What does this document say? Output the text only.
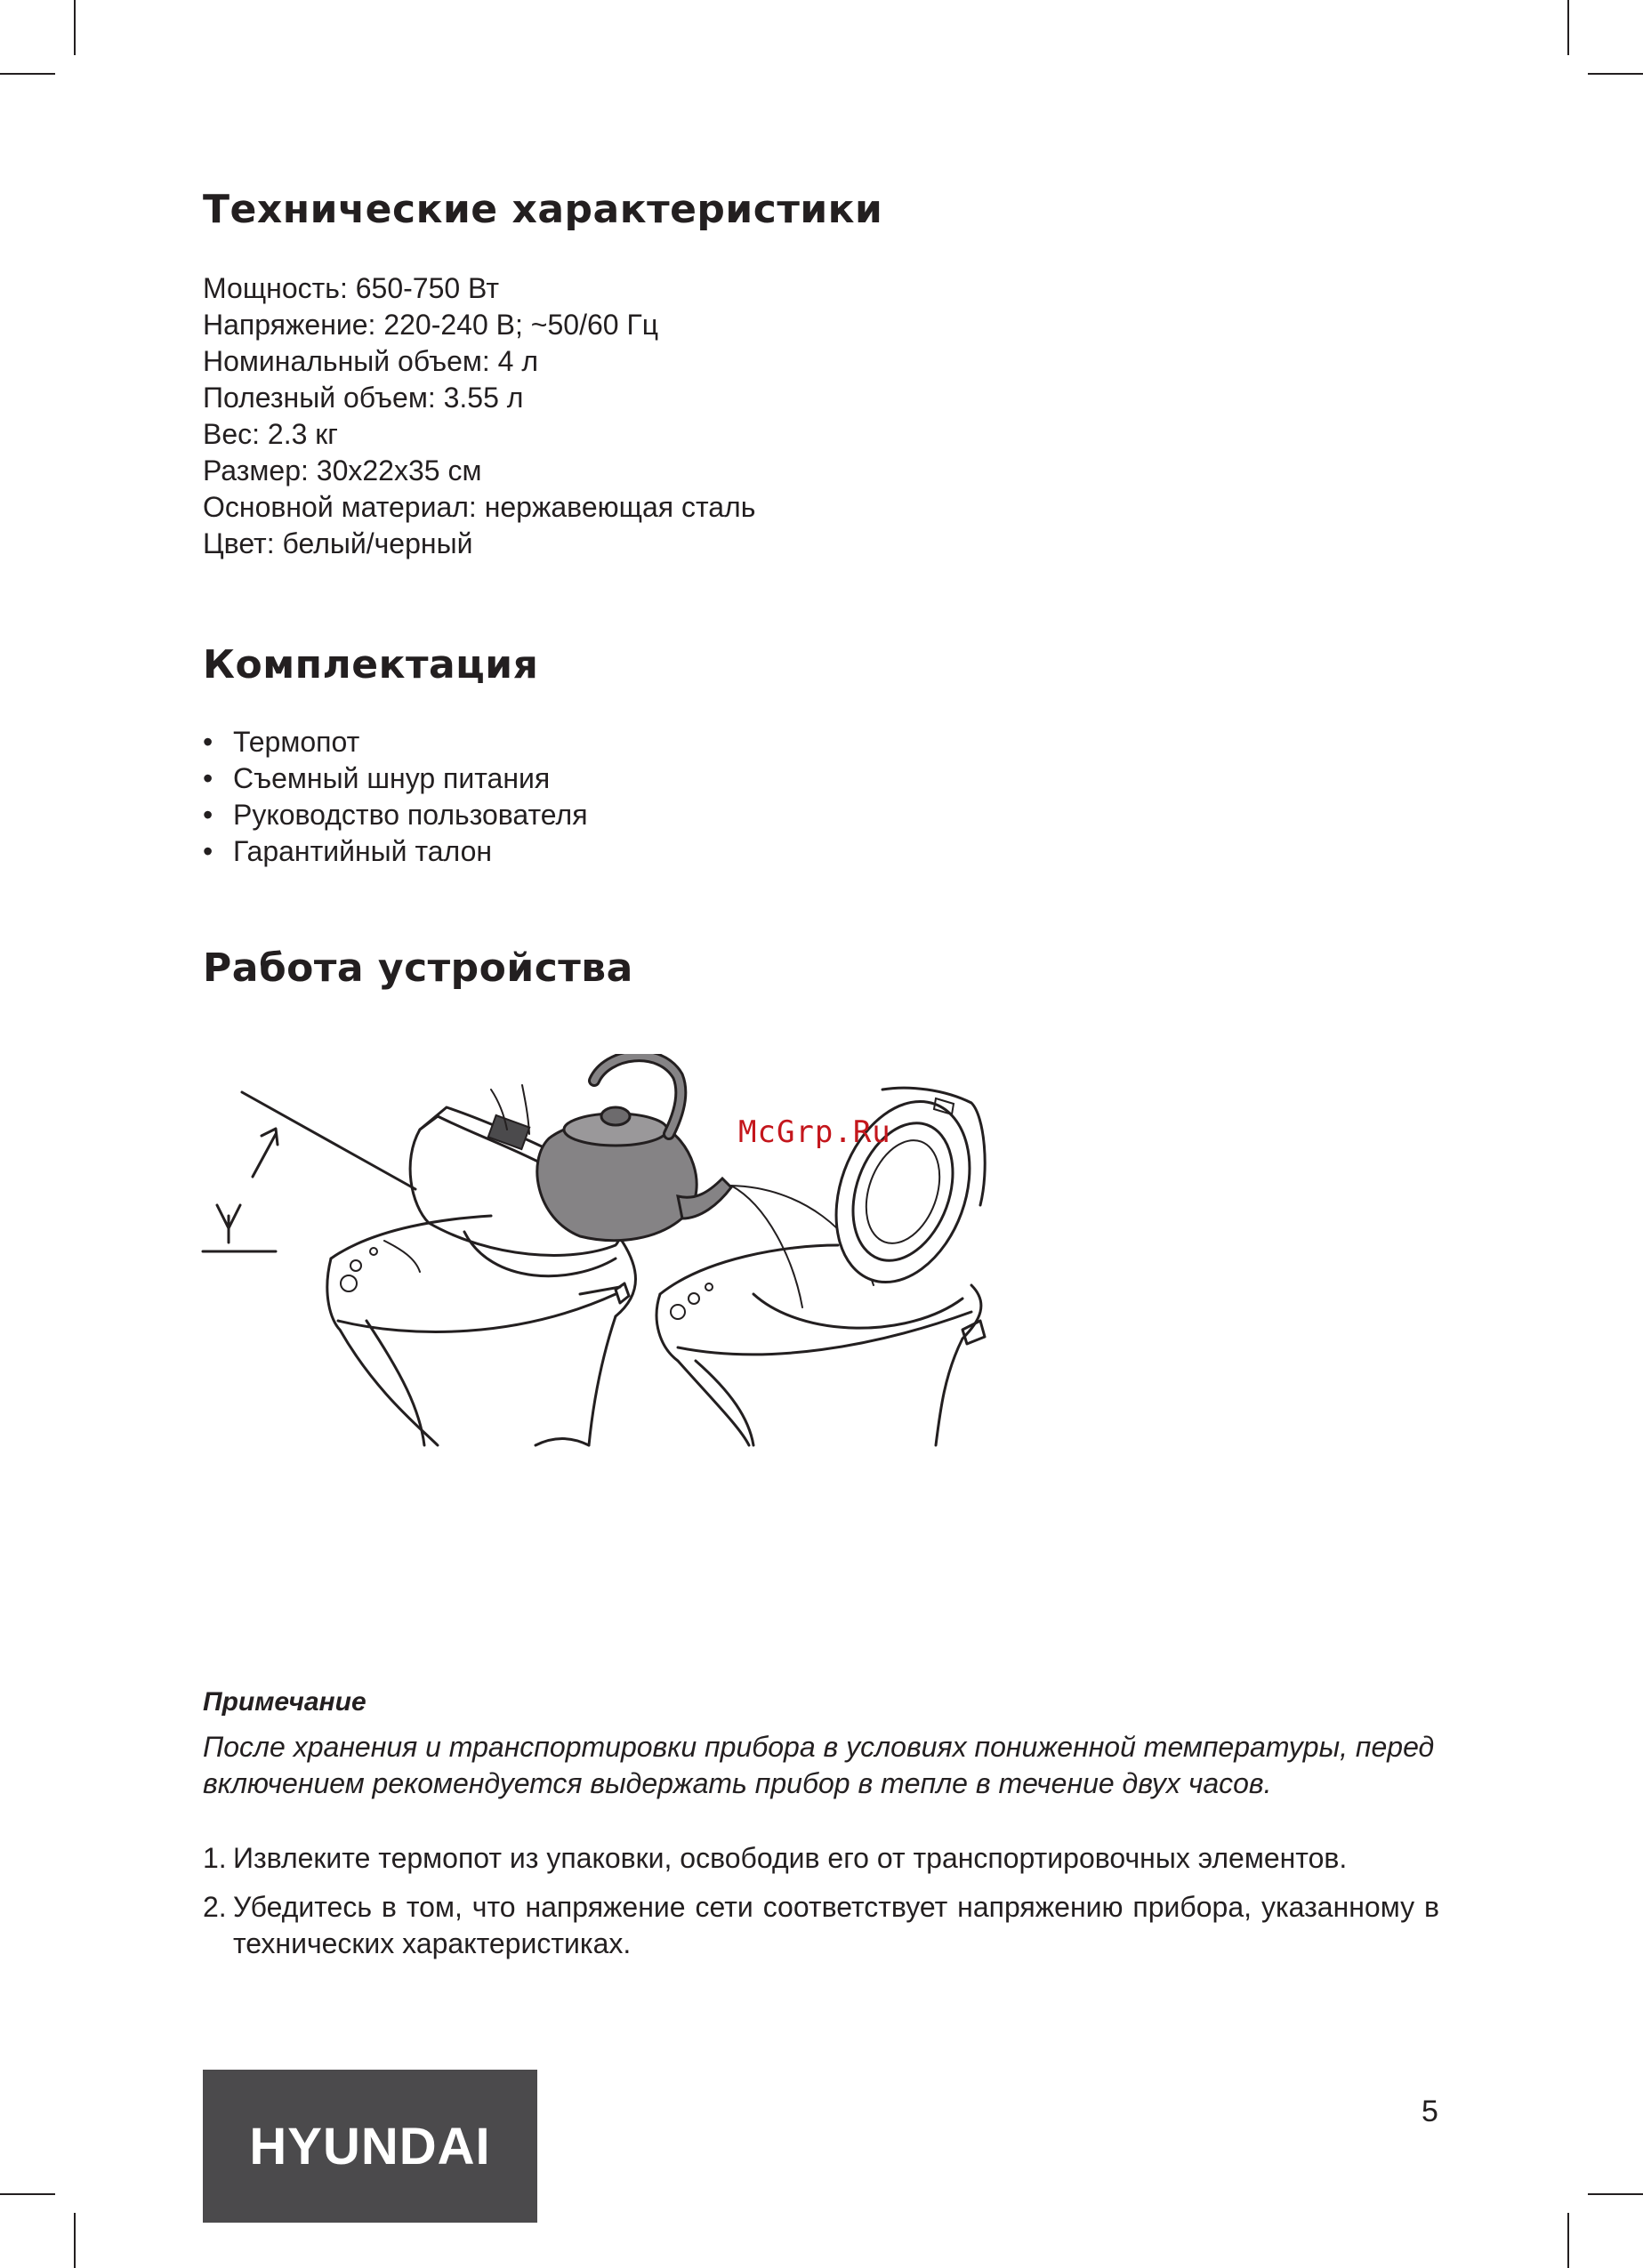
Технические характеристики
Мощность: 650-750 Вт
Напряжение: 220-240 В; ~50/60 Гц
Номинальный объем: 4 л
Полезный объем: 3.55 л
Вес: 2.3 кг
Размер: 30x22x35 см
Основной материал: нержавеющая сталь
Цвет: белый/черный
Комплектация
• Термопот
• Съемный шнур питания
• Руководство пользователя
• Гарантийный талон
Работа устройства
McGrp.Ru
Примечание

После хранения и транспортировки прибора в условиях пониженной температуры, перед включением рекомендуется выдержать прибор в тепле в течение двух часов.

1. Извлеките термопот из упаковки, освободив его от транспортировочных элементов.
2. Убедитесь в том, что напряжение сети соответствует напряжению прибора, указанному в технических характеристиках.
HYUNDAI
5
